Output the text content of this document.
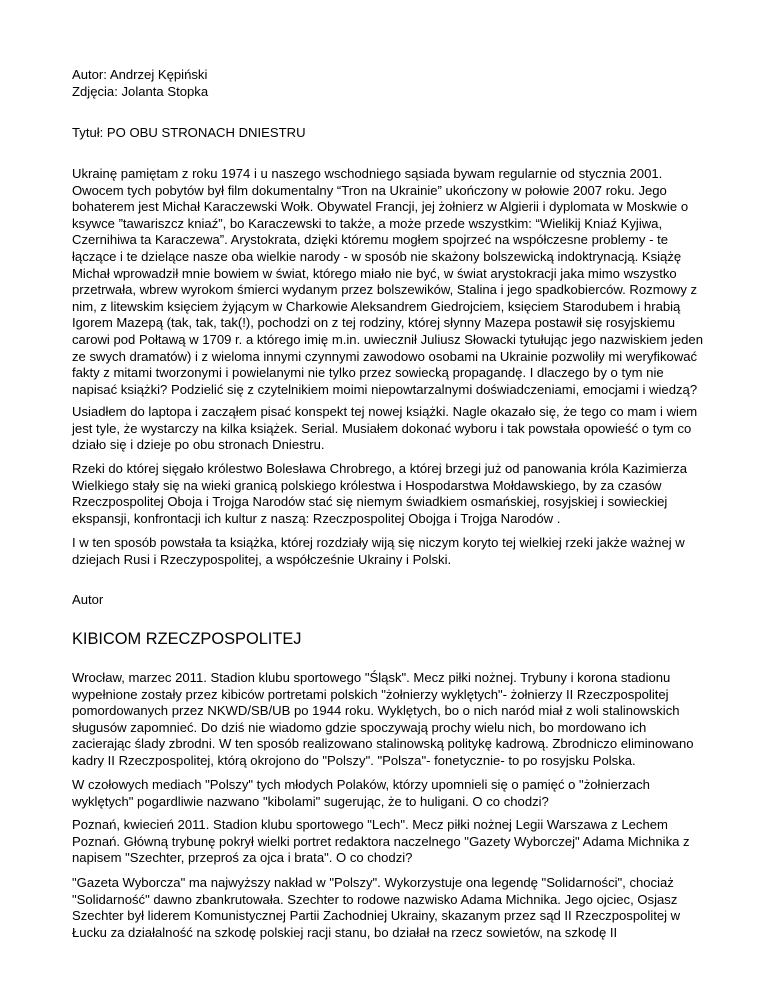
Autor: Andrzej Kępiński

Zdjęcia: Jolanta Stopka

Tytuł: PO OBU STRONACH DNIESTRU

Ukrainę pamiętam z roku 1974 i u naszego wschodniego sąsiada bywam regularnie od stycznia 2001.
Owocem tych pobytów był film dokumentalny “Tron na Ukrainie” ukończony w połowie 2007 roku. Jego
bohaterem jest Michał Karaczewski Wołk. Obywatel Francji, jej żołnierz w Algierii i dyplomata w Moskwie o
ksywce ”tawariszcz kniaź”, bo Karaczewski to także, a może przede wszystkim: “Wielikij Kniaź Kyjiwa,
Czernihiwa ta Karaczewa”. Arystokrata, dzięki któremu mogłem spojrzeć na współczesne problemy - te
łączące i te dzielące nasze oba wielkie narody - w sposób nie skażony bolszewicką indoktrynacją. Książę
Michał wprowadził mnie bowiem w świat, którego miało nie być, w świat arystokracji jaka mimo wszystko
przetrwała, wbrew wyrokom śmierci wydanym przez bolszewików, Stalina i jego spadkobierców. Rozmowy z
nim, z litewskim księciem żyjącym w Charkowie Aleksandrem Giedrojciem, księciem Starodubem i hrabią
Igorem Mazepą (tak, tak, tak(!), pochodzi on z tej rodziny, której słynny Mazepa postawił się rosyjskiemu
carowi pod Połtawą w 1709 r. a którego imię m.in. uwiecznił Juliusz Słowacki tytułując jego nazwiskiem jeden
ze swych dramatów) i z wieloma innymi czynnymi zawodowo osobami na Ukrainie pozwoliły mi weryfikować
fakty z mitami tworzonymi i powielanymi nie tylko przez sowiecką propagandę. I dlaczego by o tym nie
napisać książki? Podzielić się z czytelnikiem moimi niepowtarzalnymi doświadczeniami, emocjami i wiedzą?

Usiadłem do laptopa i zacząłem pisać konspekt tej nowej książki. Nagle okazało się, że tego co mam i wiem
jest tyle, że wystarczy na kilka książek. Serial. Musiałem dokonać wyboru i tak powstała opowieść o tym co
działo się i dzieje po obu stronach Dniestru.

Rzeki do której sięgało królestwo Bolesława Chrobrego, a której brzegi już od panowania króla Kazimierza
Wielkiego stały się na wieki granicą polskiego królestwa i Hospodarstwa Mołdawskiego, by za czasów
Rzeczpospolitej Oboja i Trojga Narodów stać się niemym świadkiem osmańskiej, rosyjskiej i sowieckiej
ekspansji, konfrontacji ich kultur z naszą: Rzeczpospolitej Obojga i Trojga Narodów .

I w ten sposób powstała ta książka, której rozdziały wiją się niczym koryto tej wielkiej rzeki jakże ważnej w
dziejach Rusi i Rzeczypospolitej, a współcześnie Ukrainy i Polski.

Autor

KIBICOM RZECZPOSPOLITEJ

Wrocław, marzec 2011. Stadion klubu sportowego "Śląsk". Mecz piłki nożnej. Trybuny i korona stadionu
wypełnione zostały przez kibiców portretami polskich "żołnierzy wyklętych"- żołnierzy II Rzeczpospolitej
pomordowanych przez NKWD/SB/UB po 1944 roku. Wyklętych, bo o nich naród miał z woli stalinowskich
sługusów zapomnieć. Do dziś nie wiadomo gdzie spoczywają prochy wielu nich, bo mordowano ich
zacierając ślady zbrodni. W ten sposób realizowano stalinowską politykę kadrową. Zbrodniczo eliminowano
kadry II Rzeczpospolitej, którą okrojono do "Polszy". "Polsza"- fonetycznie- to po rosyjsku Polska.

W czołowych mediach "Polszy" tych młodych Polaków, którzy upomnieli się o pamięć o "żołnierzach
wyklętych" pogardliwie nazwano "kibolami" sugerując, że to huligani. O co chodzi?

Poznań, kwiecień 2011. Stadion klubu sportowego "Lech". Mecz piłki nożnej Legii Warszawa z Lechem
Poznań. Główną trybunę pokrył wielki portret redaktora naczelnego "Gazety Wyborczej" Adama Michnika z
napisem "Szechter, przeproś za ojca i brata". O co chodzi?

"Gazeta Wyborcza" ma najwyższy nakład w "Polszy". Wykorzystuje ona legendę "Solidarności", chociaż
"Solidarność" dawno zbankrutowała. Szechter to rodowe nazwisko Adama Michnika. Jego ojciec, Osjasz
Szechter był liderem Komunistycznej Partii Zachodniej Ukrainy, skazanym przez sąd II Rzeczpospolitej w
Łucku za działalność na szkodę polskiej racji stanu, bo działał na rzecz sowietów, na szkodę II
